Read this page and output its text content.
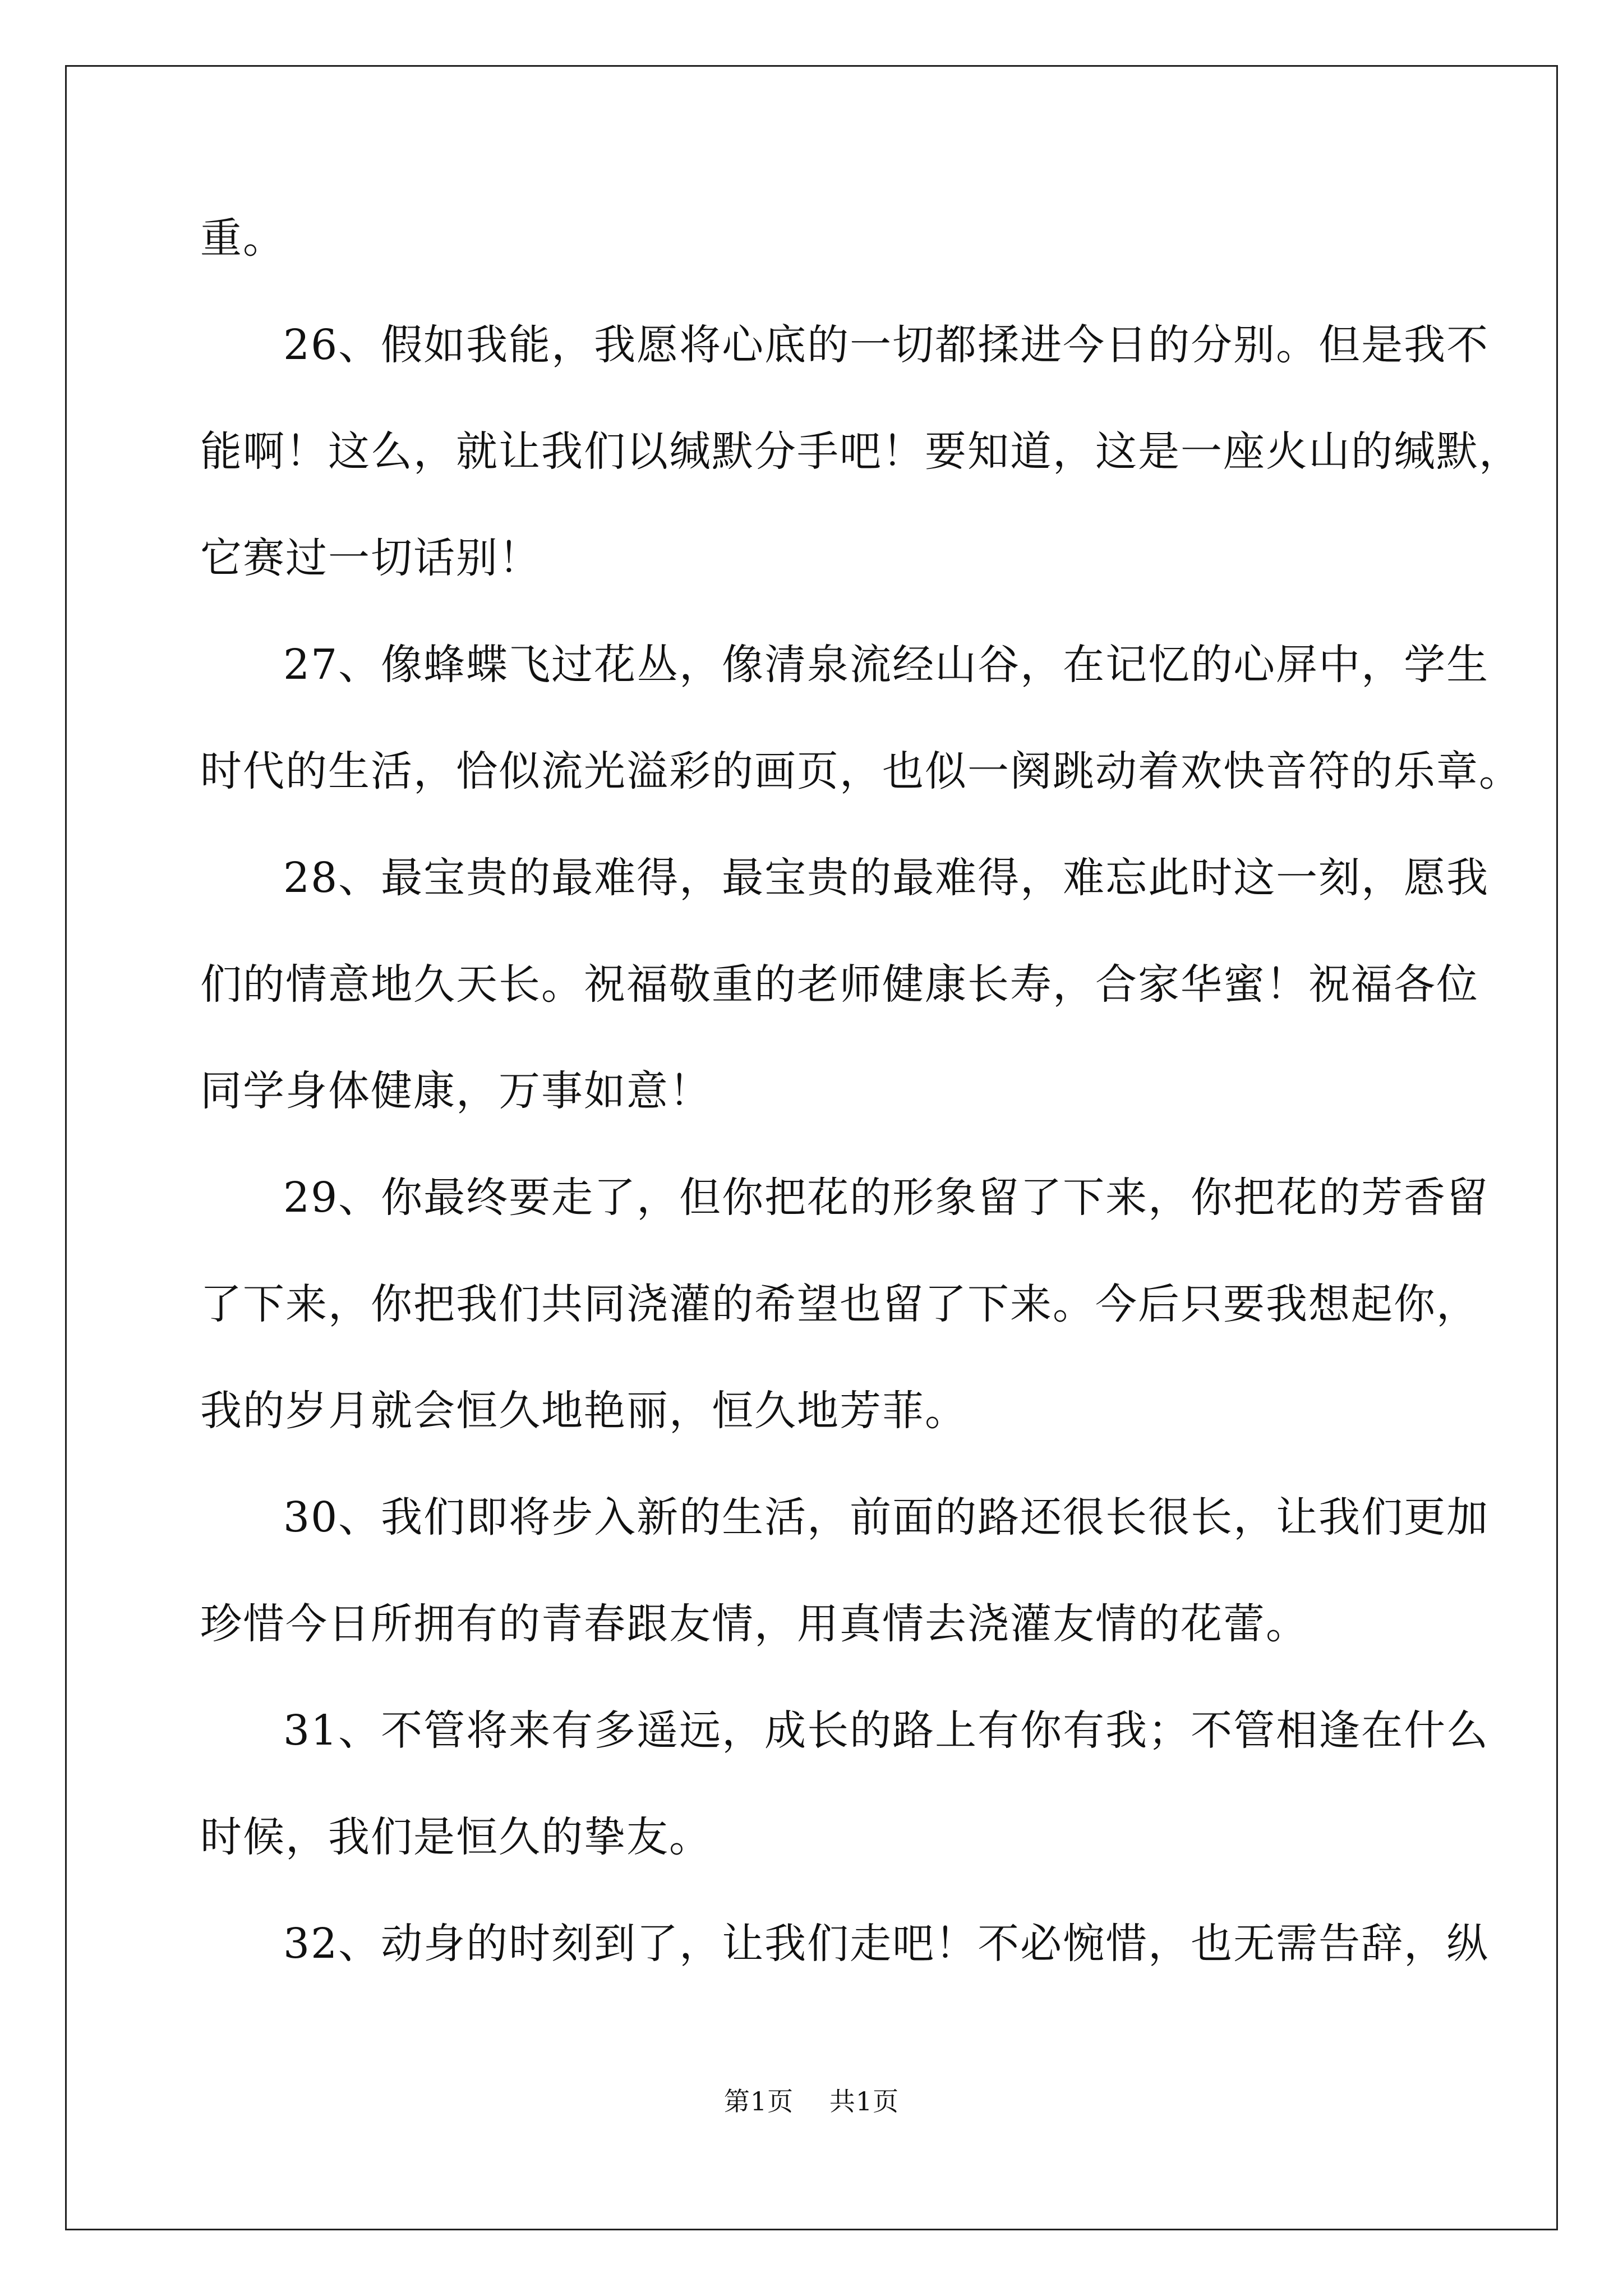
重。

26、假如我能，我愿将心底的一切都揉进今日的分别。但是我不

能啊！这么，就让我们以缄默分手吧！要知道，这是一座火山的缄默，

它赛过一切话别！

27、像蜂蝶飞过花丛，像清泉流经山谷，在记忆的心屏中，学生

时代的生活，恰似流光溢彩的画页，也似一阕跳动着欢快音符的乐章。

28、最宝贵的最难得，最宝贵的最难得，难忘此时这一刻，愿我

们的情意地久天长。祝福敬重的老师健康长寿，合家华蜜！祝福各位

同学身体健康，万事如意！

29、你最终要走了，但你把花的形象留了下来，你把花的芳香留

了下来，你把我们共同浇灌的希望也留了下来。今后只要我想起你，

我的岁月就会恒久地艳丽，恒久地芳菲。

30、我们即将步入新的生活，前面的路还很长很长，让我们更加

珍惜今日所拥有的青春跟友情，用真情去浇灌友情的花蕾。

31、不管将来有多遥远，成长的路上有你有我；不管相逢在什么

时候，我们是恒久的挚友。

32、动身的时刻到了，让我们走吧！不必惋惜，也无需告辞，纵

第1页 共1页
